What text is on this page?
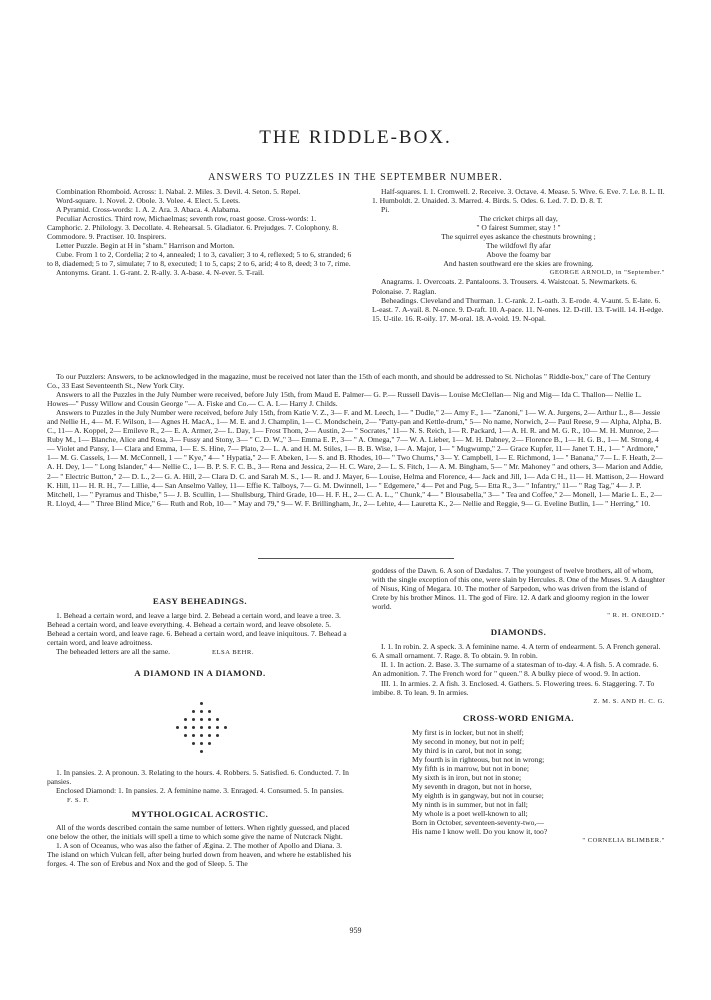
THE RIDDLE-BOX.
ANSWERS TO PUZZLES IN THE SEPTEMBER NUMBER.

Combination Rhomboid. Across: 1. Nabal. 2. Miles. 3. Devil. 4. Seton. 5. Repel.

Word-square. 1. Novel. 2. Obole. 3. Volee. 4. Elect. 5. Leets.

A Pyramid. Cross-words: 1. A. 2. Ara. 3. Abaca. 4. Alabama.

Peculiar Acrostics. Third row, Michaelmas; seventh row, roast goose. Cross-words: 1. Camphoric. 2. Philology. 3. Decollate. 4. Rehearsal. 5. Gladiator. 6. Prejudges. 7. Colophony. 8. Commodore. 9. Practiser. 10. Inspirers.

Letter Puzzle. Begin at H in "sham." Harrison and Morton.

Cube. From 1 to 2, Cordelia; 2 to 4, annealed; 1 to 3, cavalier; 3 to 4, reflexed; 5 to 6, stranded; 6 to 8, diademed; 5 to 7, simulate; 7 to 8, executed; 1 to 5, caps; 2 to 6, arid; 4 to 8, deed; 3 to 7, rime.

Antonyms. Grant. 1. G-rant. 2. R-ally. 3. A-base. 4. N-ever. 5. T-rail.

Half-squares. I. 1. Cromwell. 2. Receive. 3. Octave. 4. Mease. 5. Wive. 6. Eve. 7. Le. 8. L. II. 1. Humboldt. 2. Unaided. 3. Marred. 4. Birds. 5. Odes. 6. Led. 7. D. D. 8. T.

Pi.

The cricket chirps all day,

" O fairest Summer, stay ! "

The squirrel eyes askance the chestnuts browning ;

The wildfowl fly afar

Above the foamy bar

And hasten southward ere the skies are frowning.

GEORGE ARNOLD, in "September."

Anagrams. 1. Overcoats. 2. Pantaloons. 3. Trousers. 4. Waistcoat. 5. Newmarkets. 6. Polonaise. 7. Raglan.

Beheadings. Cleveland and Thurman. 1. C-rank. 2. L-oath. 3. E-rode. 4. V-aunt. 5. E-late. 6. L-east. 7. A-vail. 8. N-once. 9. D-raft. 10. A-pace. 11. N-ones. 12. D-rill. 13. T-will. 14. H-edge. 15. U-tile. 16. R-oily. 17. M-oral. 18. A-void. 19. N-opal.

To our Puzzlers: Answers, to be acknowledged in the magazine, must be received not later than the 15th of each month, and should be addressed to St. Nicholas " Riddle-box," care of The Century Co., 33 East Seventeenth St., New York City.

Answers to all the Puzzles in the July Number were received, before July 15th, from Maud E. Palmer— G. P.— Russell Davis— Louise McClellan— Nig and Mig— Ida C. Thallon— Nellie L. Howes—" Pussy Willow and Cousin George "— A. Fiske and Co.— C. A. I.— Harry J. Childs.

Answers to Puzzles in the July Number were received, before July 15th, from Katie V. Z., 3— F. and M. Leech, 1— " Dudle," 2— Amy F., 1— "Zanoni," 1— W. A. Jurgens, 2— Arthur L., 8— Jessie and Nellie H., 4— M. F. Wilson, 1— Agnes H. MacA., 1— M. E. and J. Champlin, 1— C. Mondschein, 2— "Patty-pan and Kettle-drum," 5— No name, Norwich, 2— Paul Reese, 9 — Alpha, Alpha, B. C., 11— A. Koppel, 2— Emileve R., 2— E. A. Armer, 2— L. Day, 1— Frost Thom, 2— Austin, 2— " Socrates," 11— N. S. Reich, 1— R. Packard, 1— A. H. R. and M. G. R., 10— M. H. Munroe, 2— Ruby M., 1— Blanche, Alice and Rosa, 3— Fussy and Stony, 3— " C. D. W.," 3— Emma E. P., 3— " A. Omega," 7— W. A. Lieber, 1— M. H. Dabney, 2— Florence B., 1— H. G. B., 1— M. Strong, 4— Violet and Pansy, 1— Clara and Emma, 1— E. S. Hine, 7— Plato, 2— L. A. and H. M. Stiles, 1— B. B. Wise, 1— A. Major, 1— " Mugwump," 2— Grace Kupfer, 11— Janet T. H., 1— " Ardmore," 1— M. G. Cassels, 1— M. McConnell, 1 — " Kye," 4— " Hypatia," 2— F. Abeken, 1— S. and B. Rhodes, 10— " Two Chums," 3— Y. Campbell, 1— E. Richmond, 1— " Banana," 7— L. F. Heath, 2— A. H. Dey, 1— " Long Islander," 4— Nellie C., 1— B. P. S. F. C. B., 3— Rena and Jessica, 2— H. C. Ware, 2— L. S. Fitch, 1— A. M. Bingham, 5— " Mr. Mahoney " and others, 3— Marion and Addie, 2— " Electric Button," 2— D. L., 2— G. A. Hill, 2— Clara D. C. and Sarah M. S., 1— R. and J. Mayer, 6— Louise, Helma and Florence, 4— Jack and Jill, 1— Ada C H., 11— H. Mattison, 2— Howard K. Hill, 11— H. R. H., 7— Lillie, 4— San Anselmo Valley, 11— Effie K. Talboys, 7— G. M. Dwinnell, 1— " Edgemere," 4— Pet and Pug, 5— Etta R., 3— " Infantry," 11— " Rag Tag," 4— J. P. Mitchell, 1— " Pyramus and Thisbe," 5— J. B. Scullin, 1— Shullsburg, Third Grade, 10— H. F. H., 2— C. A. L., " Chunk," 4— " Blousabella," 3— " Tea and Coffee," 2— Monell, 1— Marie L. E., 2— R. Lloyd, 4— " Three Blind Mice," 6— Ruth and Rob, 10— " May and 79," 9— W. F. Brillingham, Jr., 2— Lehte, 4— Lauretta K., 2— Nellie and Reggie, 9— G. Eveline Butlin, 1— " Herring," 10.

EASY BEHEADINGS.

1. Behead a certain word, and leave a large bird. 2. Behead a certain word, and leave a tree. 3. Behead a certain word, and leave everything. 4. Behead a certain word, and leave obsolete. 5. Behead a certain word, and leave rage. 6. Behead a certain word, and leave iniquitous. 7. Behead a certain word, and leave adroitness.

The beheaded letters are all the same.	ELSA BEHR.

A DIAMOND IN A DIAMOND.

1. In pansies. 2. A pronoun. 3. Relating to the hours. 4. Robbers. 5. Satisfied. 6. Conducted. 7. In pansies.

Enclosed Diamond: 1. In pansies. 2. A feminine name. 3. Enraged. 4. Consumed. 5. In pansies. F. S. F.

MYTHOLOGICAL ACROSTIC.

All of the words described contain the same number of letters. When rightly guessed, and placed one below the other, the initials will spell a time to which some give the name of Nutcrack Night.

1. A son of Oceanus, who was also the father of Ægina. 2. The mother of Apollo and Diana. 3. The island on which Vulcan fell, after being hurled down from heaven, and where he established his forges. 4. The son of Erebus and Nox and the god of Sleep. 5. The

goddess of the Dawn. 6. A son of Dædalus. 7. The youngest of twelve brothers, all of whom, with the single exception of this one, were slain by Hercules. 8. One of the Muses. 9. A daughter of Nisus, King of Megara. 10. The mother of Sarpedon, who was driven from the island of Crete by his brother Minos. 11. The god of Fire. 12. A dark and gloomy region in the lower world.

" R. H. ONEOID."
DIAMONDS.

I. 1. In robin. 2. A speck. 3. A feminine name. 4. A term of endearment. 5. A French general. 6. A small ornament. 7. Rage. 8. To obtain. 9. In robin.

II. 1. In action. 2. Base. 3. The surname of a statesman of to-day. 4. A fish. 5. A comrade. 6. An admonition. 7. The French word for " queen." 8. A bulky piece of wood. 9. In action.

III. 1. In armies. 2. A fish. 3. Enclosed. 4. Gathers. 5. Flowering trees. 6. Staggering. 7. To imbibe. 8. To lean. 9. In armies.

Z. M. S. AND H. C. G.
CROSS-WORD ENIGMA.

My first is in locker, but not in shelf;

My second in money, but not in pelf;

My third is in carol, but not in song;

My fourth is in righteous, but not in wrong;

My fifth is in marrow, but not in bone;

My sixth is in iron, but not in stone;

My seventh in dragon, but not in horse,

My eighth is in gangway, but not in course;

My ninth is in summer, but not in fall;

My whole is a poet well-known to all;

Born in October, seventeen-seventy-two,—

His name I know well. Do you know it, too?

" CORNELIA BLIMBER."
959
